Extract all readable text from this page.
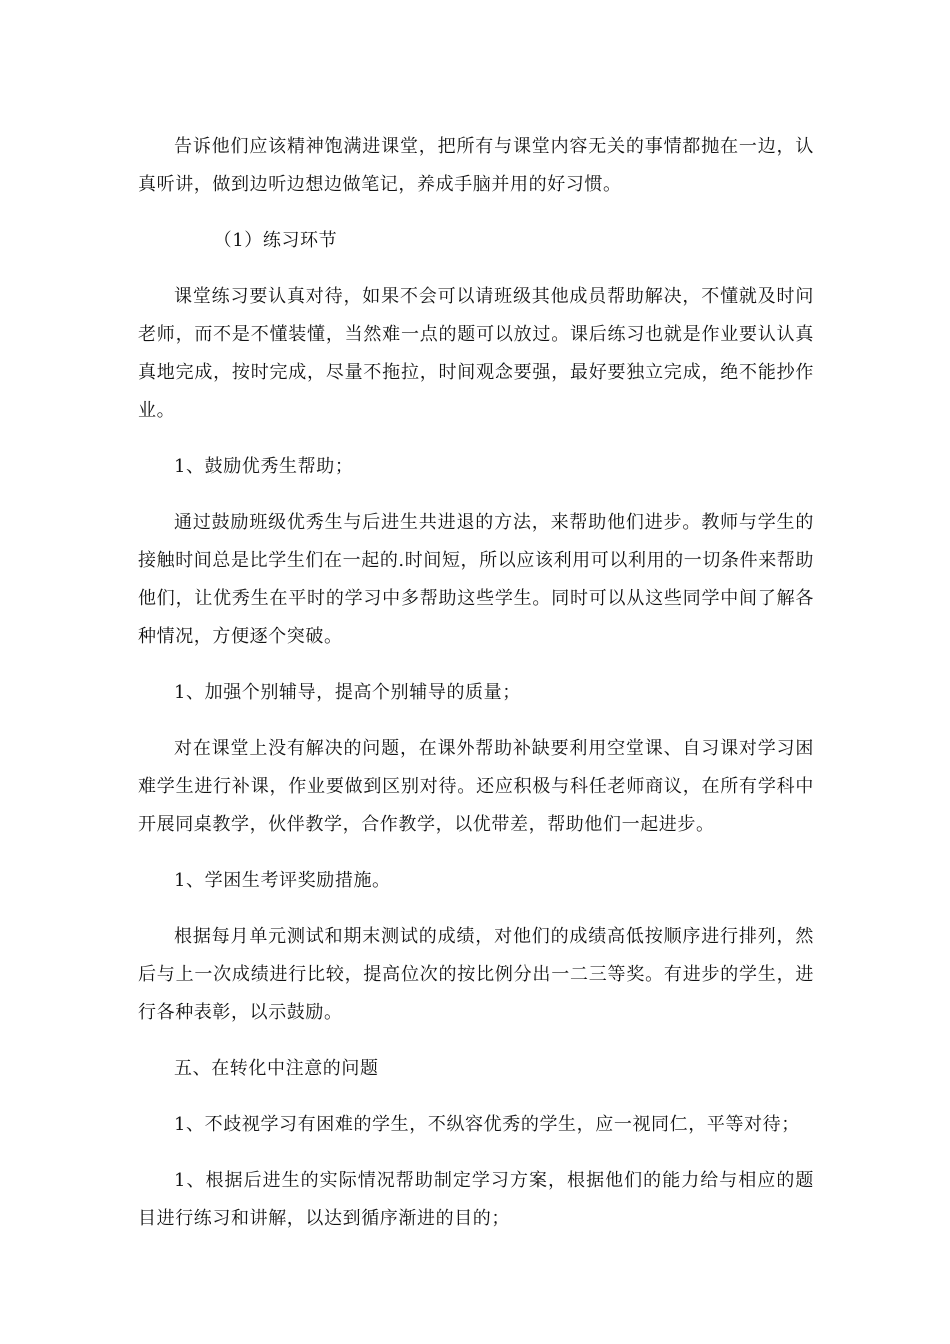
告诉他们应该精神饱满进课堂，把所有与课堂内容无关的事情都抛在一边，认真听讲，做到边听边想边做笔记，养成手脑并用的好习惯。

（1）练习环节

课堂练习要认真对待，如果不会可以请班级其他成员帮助解决，不懂就及时问老师，而不是不懂装懂，当然难一点的题可以放过。课后练习也就是作业要认认真真地完成，按时完成，尽量不拖拉，时间观念要强，最好要独立完成，绝不能抄作业。

1、鼓励优秀生帮助；

通过鼓励班级优秀生与后进生共进退的方法，来帮助他们进步。教师与学生的接触时间总是比学生们在一起的.时间短，所以应该利用可以利用的一切条件来帮助他们，让优秀生在平时的学习中多帮助这些学生。同时可以从这些同学中间了解各种情况，方便逐个突破。

1、加强个别辅导，提高个别辅导的质量；

对在课堂上没有解决的问题，在课外帮助补缺要利用空堂课、自习课对学习困难学生进行补课，作业要做到区别对待。还应积极与科任老师商议，在所有学科中开展同桌教学，伙伴教学，合作教学，以优带差，帮助他们一起进步。

1、学困生考评奖励措施。

根据每月单元测试和期末测试的成绩，对他们的成绩高低按顺序进行排列，然后与上一次成绩进行比较，提高位次的按比例分出一二三等奖。有进步的学生，进行各种表彰，以示鼓励。

五、在转化中注意的问题

1、不歧视学习有困难的学生，不纵容优秀的学生，应一视同仁，平等对待；

1、根据后进生的实际情况帮助制定学习方案，根据他们的能力给与相应的题目进行练习和讲解，以达到循序渐进的目的；
